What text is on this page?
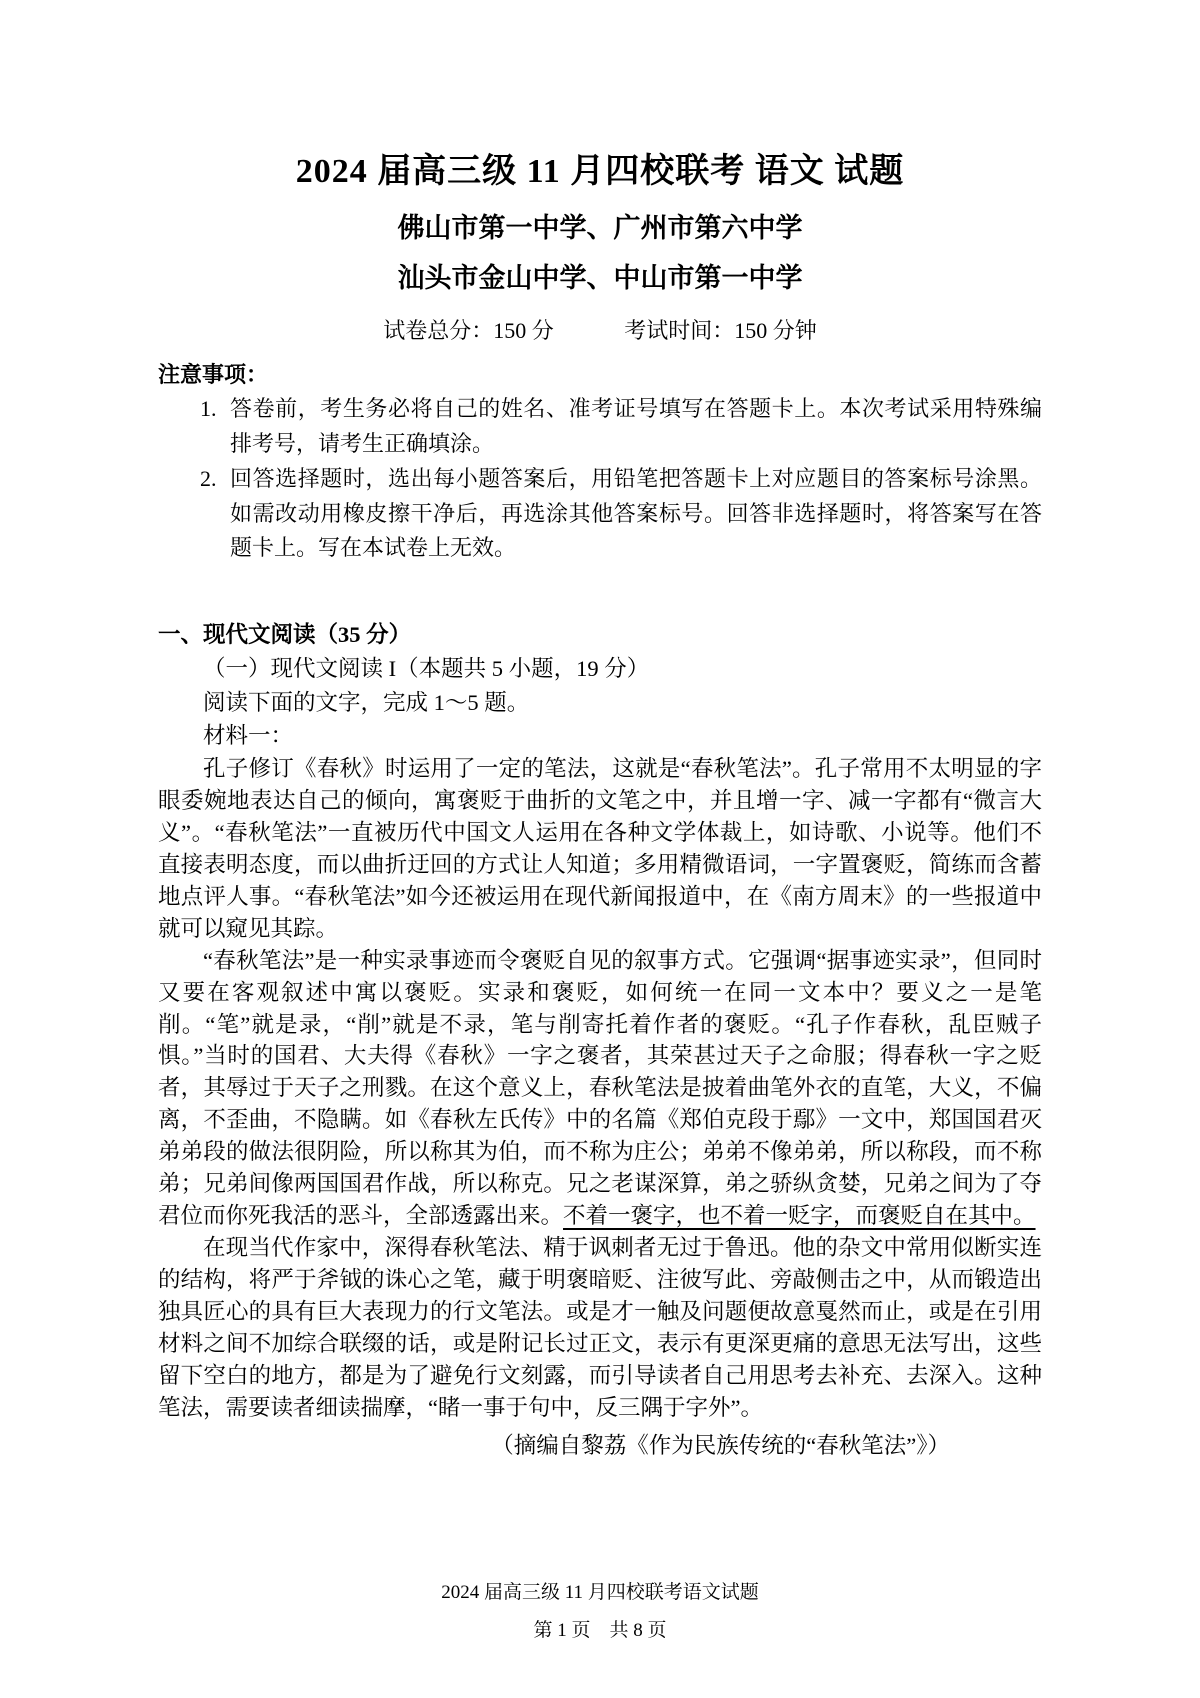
2024 届高三级 11 月四校联考 语文 试题
佛山市第一中学、广州市第六中学
汕头市金山中学、中山市第一中学
试卷总分：150 分	考试时间：150 分钟
注意事项：
1. 答卷前，考生务必将自己的姓名、准考证号填写在答题卡上。本次考试采用特殊编排考号，请考生正确填涂。
2. 回答选择题时，选出每小题答案后，用铅笔把答题卡上对应题目的答案标号涂黑。如需改动用橡皮擦干净后，再选涂其他答案标号。回答非选择题时，将答案写在答题卡上。写在本试卷上无效。
一、现代文阅读（35 分）
（一）现代文阅读 I（本题共 5 小题，19 分）
阅读下面的文字，完成 1～5 题。
材料一：

孔子修订《春秋》时运用了一定的笔法，这就是“春秋笔法”。孔子常用不太明显的字眼委婉地表达自己的倾向，寓褒贬于曲折的文笔之中，并且增一字、减一字都有“微言大义”。“春秋笔法”一直被历代中国文人运用在各种文学体裁上，如诗歌、小说等。他们不直接表明态度，而以曲折迂回的方式让人知道；多用精微语词，一字置褒贬，简练而含蓄地点评人事。“春秋笔法”如今还被运用在现代新闻报道中，在《南方周末》的一些报道中就可以窥见其踪。

“春秋笔法”是一种实录事迹而令褒贬自见的叙事方式。它强调“据事迹实录”，但同时又要在客观叙述中寓以褒贬。实录和褒贬，如何统一在同一文本中？要义之一是笔削。“笔”就是录，“削”就是不录，笔与削寄托着作者的褒贬。“孔子作春秋，乱臣贼子惧。”当时的国君、大夫得《春秋》一字之褒者，其荣甚过天子之命服；得春秋一字之贬者，其辱过于天子之刑戮。在这个意义上，春秋笔法是披着曲笔外衣的直笔，大义，不偏离，不歪曲，不隐瞒。如《春秋左氏传》中的名篇《郑伯克段于鄢》一文中，郑国国君灭弟弟段的做法很阴险，所以称其为伯，而不称为庄公；弟弟不像弟弟，所以称段，而不称弟；兄弟间像两国国君作战，所以称克。兄之老谋深算，弟之骄纵贪婪，兄弟之间为了夺君位而你死我活的恶斗，全部透露出来。不着一褒字，也不着一贬字，而褒贬自在其中。

在现当代作家中，深得春秋笔法、精于讽刺者无过于鲁迅。他的杂文中常用似断实连的结构，将严于斧钺的诛心之笔，藏于明褒暗贬、注彼写此、旁敲侧击之中，从而锻造出独具匠心的具有巨大表现力的行文笔法。或是才一触及问题便故意戛然而止，或是在引用材料之间不加综合联缀的话，或是附记长过正文，表示有更深更痛的意思无法写出，这些留下空白的地方，都是为了避免行文刻露，而引导读者自己用思考去补充、去深入。这种笔法，需要读者细读揣摩，“睹一事于句中，反三隅于字外”。

（摘编自黎荔《作为民族传统的“春秋笔法”》）
2024 届高三级 11 月四校联考语文试题
第 1 页　共 8 页
